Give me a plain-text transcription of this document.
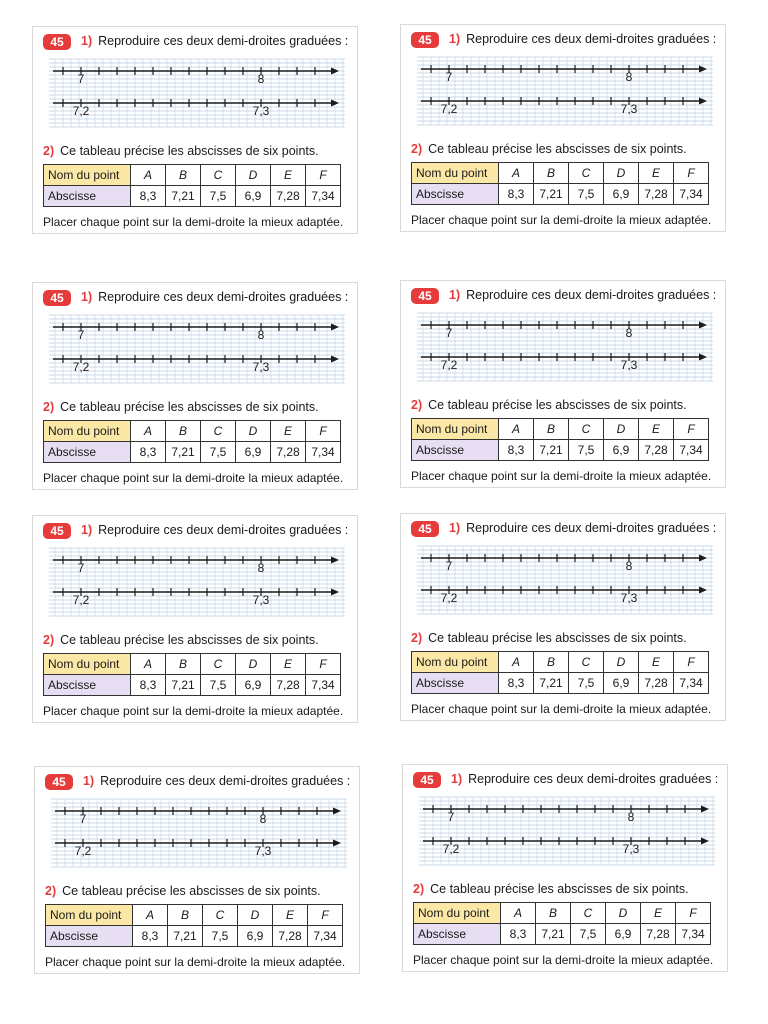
45	1) Reproduire ces deux demi-droites graduées :
7	8
7,2	7,3
2) Ce tableau précise les abscisses de six points.
Nom du point	A	B	C	D	E	F
Abscisse	8,3	7,21	7,5	6,9	7,28	7,34
Placer chaque point sur la demi-droite la mieux adaptée.
45	1) Reproduire ces deux demi-droites graduées :
7	8
7,2	7,3
2) Ce tableau précise les abscisses de six points.
Nom du point	A	B	C	D	E	F
Abscisse	8,3	7,21	7,5	6,9	7,28	7,34
Placer chaque point sur la demi-droite la mieux adaptée.
45	1) Reproduire ces deux demi-droites graduées :
7	8
7,2	7,3
2) Ce tableau précise les abscisses de six points.
Nom du point	A	B	C	D	E	F
Abscisse	8,3	7,21	7,5	6,9	7,28	7,34
Placer chaque point sur la demi-droite la mieux adaptée.
45	1) Reproduire ces deux demi-droites graduées :
7	8
7,2	7,3
2) Ce tableau précise les abscisses de six points.
Nom du point	A	B	C	D	E	F
Abscisse	8,3	7,21	7,5	6,9	7,28	7,34
Placer chaque point sur la demi-droite la mieux adaptée.
45	1) Reproduire ces deux demi-droites graduées :
7	8
7,2	7,3
2) Ce tableau précise les abscisses de six points.
Nom du point	A	B	C	D	E	F
Abscisse	8,3	7,21	7,5	6,9	7,28	7,34
Placer chaque point sur la demi-droite la mieux adaptée.
45	1) Reproduire ces deux demi-droites graduées :
7	8
7,2	7,3
2) Ce tableau précise les abscisses de six points.
Nom du point	A	B	C	D	E	F
Abscisse	8,3	7,21	7,5	6,9	7,28	7,34
Placer chaque point sur la demi-droite la mieux adaptée.
45	1) Reproduire ces deux demi-droites graduées :
7	8
7,2	7,3
2) Ce tableau précise les abscisses de six points.
Nom du point	A	B	C	D	E	F
Abscisse	8,3	7,21	7,5	6,9	7,28	7,34
Placer chaque point sur la demi-droite la mieux adaptée.
45	1) Reproduire ces deux demi-droites graduées :
7	8
7,2	7,3
2) Ce tableau précise les abscisses de six points.
Nom du point	A	B	C	D	E	F
Abscisse	8,3	7,21	7,5	6,9	7,28	7,34
Placer chaque point sur la demi-droite la mieux adaptée.
